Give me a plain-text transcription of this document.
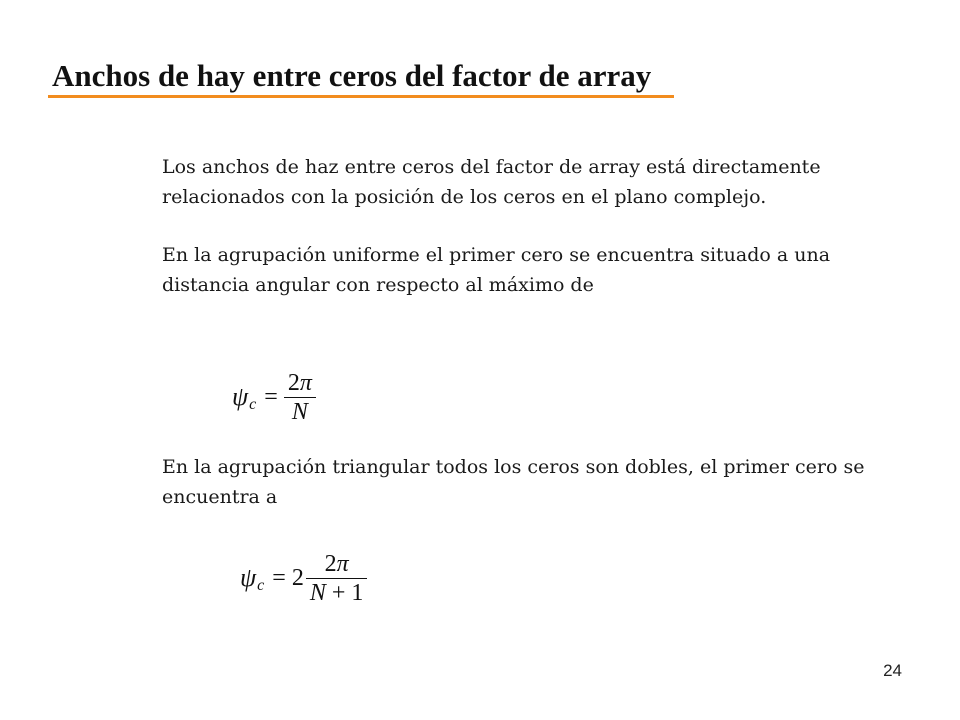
Anchos de hay entre ceros del factor de array
Los anchos de haz entre ceros del factor de array está directamente relacionados con la posición de los ceros en el plano complejo.
En la agrupación uniforme el primer cero se encuentra situado a una distancia angular con respecto al máximo de
ψ $c = \frac{2\pi}{N}$
En la agrupación triangular todos los ceros son dobles, el primer cero se encuentra a
ψ $c = 2 \frac{2\pi}{N + 1}$
24
